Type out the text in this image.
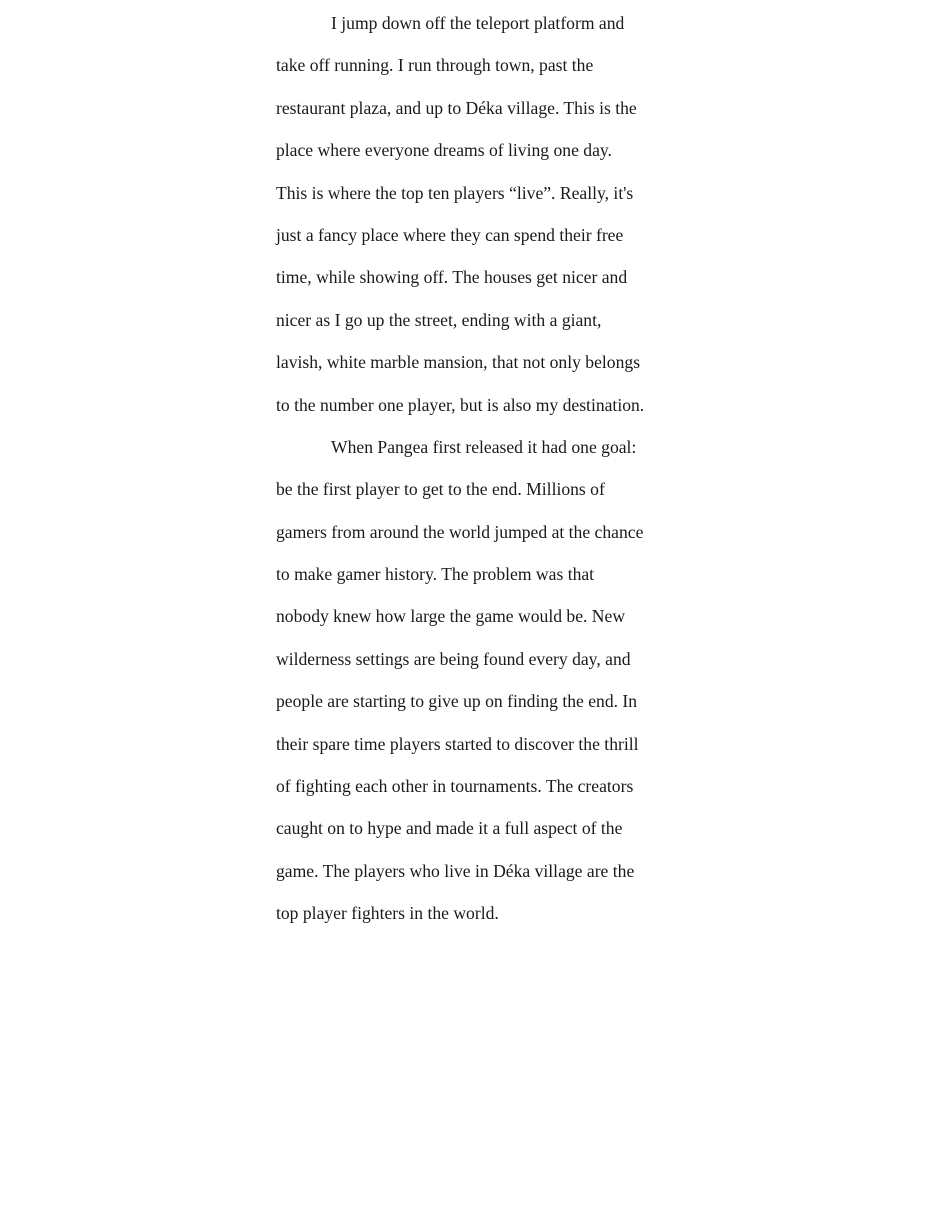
I jump down off the teleport platform and
take off running. I run through town, past the
restaurant plaza, and up to Déka village. This is the
place where everyone dreams of living one day.
This is where the top ten players “live”. Really, it's
just a fancy place where they can spend their free
time, while showing off. The houses get nicer and
nicer as I go up the street, ending with a giant,
lavish, white marble mansion, that not only belongs
to the number one player, but is also my destination.
When Pangea first released it had one goal:
be the first player to get to the end. Millions of
gamers from around the world jumped at the chance
to make gamer history. The problem was that
nobody knew how large the game would be. New
wilderness settings are being found every day, and
people are starting to give up on finding the end. In
their spare time players started to discover the thrill
of fighting each other in tournaments. The creators
caught on to hype and made it a full aspect of the
game. The players who live in Déka village are the
top player fighters in the world.
